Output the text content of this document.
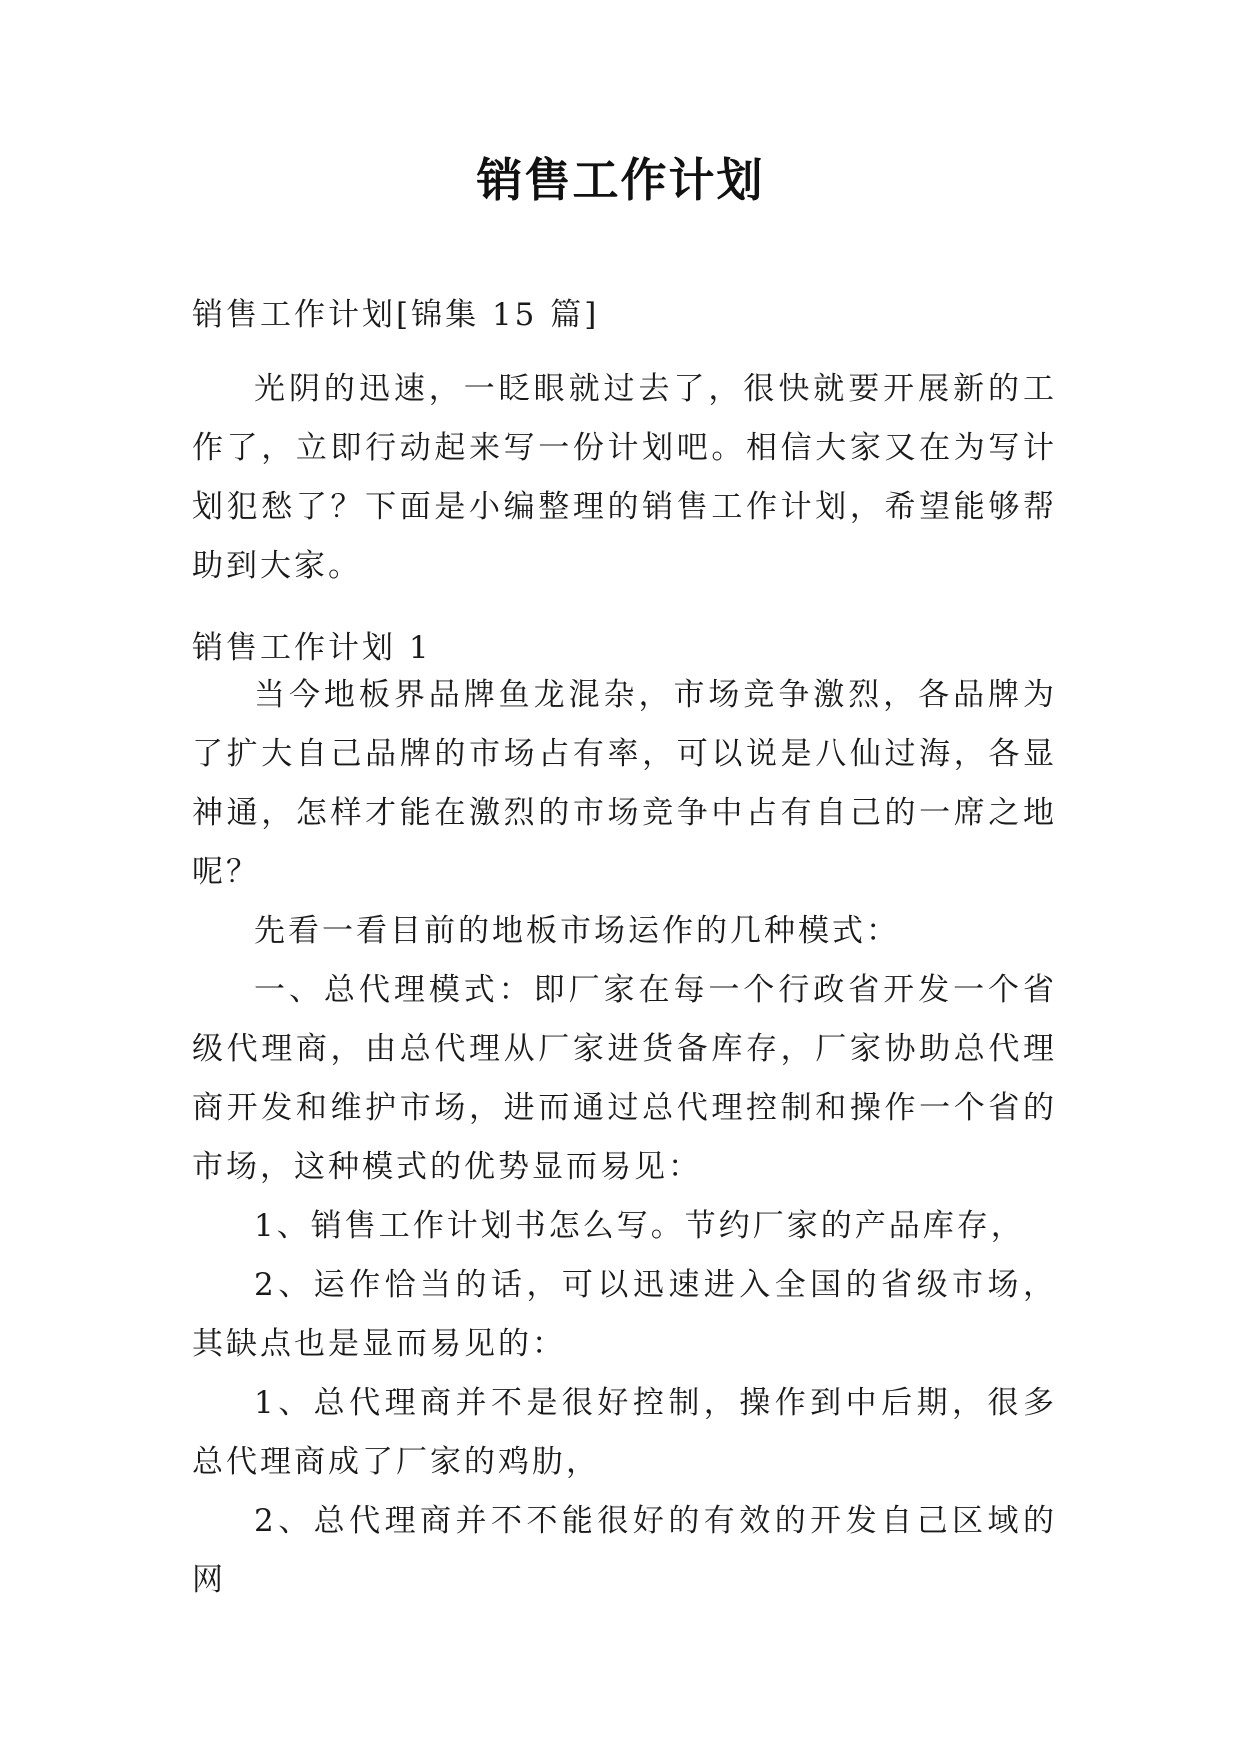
销售工作计划
销售工作计划[锦集 15 篇]

光阴的迅速，一眨眼就过去了，很快就要开展新的工作了，立即行动起来写一份计划吧。相信大家又在为写计划犯愁了？下面是小编整理的销售工作计划，希望能够帮助到大家。

销售工作计划 1

当今地板界品牌鱼龙混杂，市场竞争激烈，各品牌为了扩大自己品牌的市场占有率，可以说是八仙过海，各显神通，怎样才能在激烈的市场竞争中占有自己的一席之地呢？

先看一看目前的地板市场运作的几种模式：

一、总代理模式：即厂家在每一个行政省开发一个省级代理商，由总代理从厂家进货备库存，厂家协助总代理商开发和维护市场，进而通过总代理控制和操作一个省的市场，这种模式的优势显而易见：

1、销售工作计划书怎么写。节约厂家的产品库存，

2、运作恰当的话，可以迅速进入全国的省级市场，其缺点也是显而易见的：

1、总代理商并不是很好控制，操作到中后期，很多总代理商成了厂家的鸡肋，

2、总代理商并不不能很好的有效的开发自己区域的网
